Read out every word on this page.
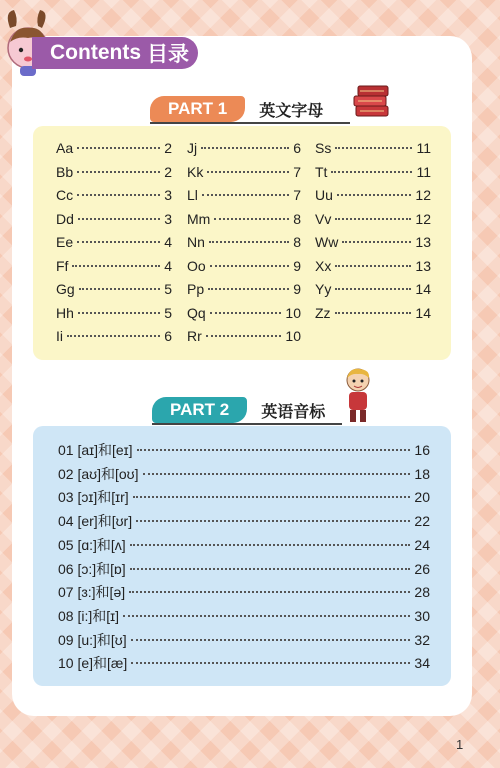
Contents 目录
PART 1	英文字母
Aa	2
Bb	2
Cc	3
Dd	3
Ee	4
Ff	4
Gg	5
Hh	5
Ii	6
Jj	6
Kk	7
Ll	7
Mm	8
Nn	8
Oo	9
Pp	9
Qq	10
Rr	10
Ss	11
Tt	11
Uu	12
Vv	12
Ww	13
Xx	13
Yy	14
Zz	14
PART 2	英语音标
01 [aɪ]和[eɪ]	16
02 [aʊ]和[oʊ]	18
03 [ɔɪ]和[ɪr]	20
04 [er]和[ʊr]	22
05 [ɑ:]和[ʌ]	24
06 [ɔ:]和[ɒ]	26
07 [ɜ:]和[ə]	28
08 [i:]和[ɪ]	30
09 [u:]和[ʊ]	32
10 [e]和[æ]	34
1
